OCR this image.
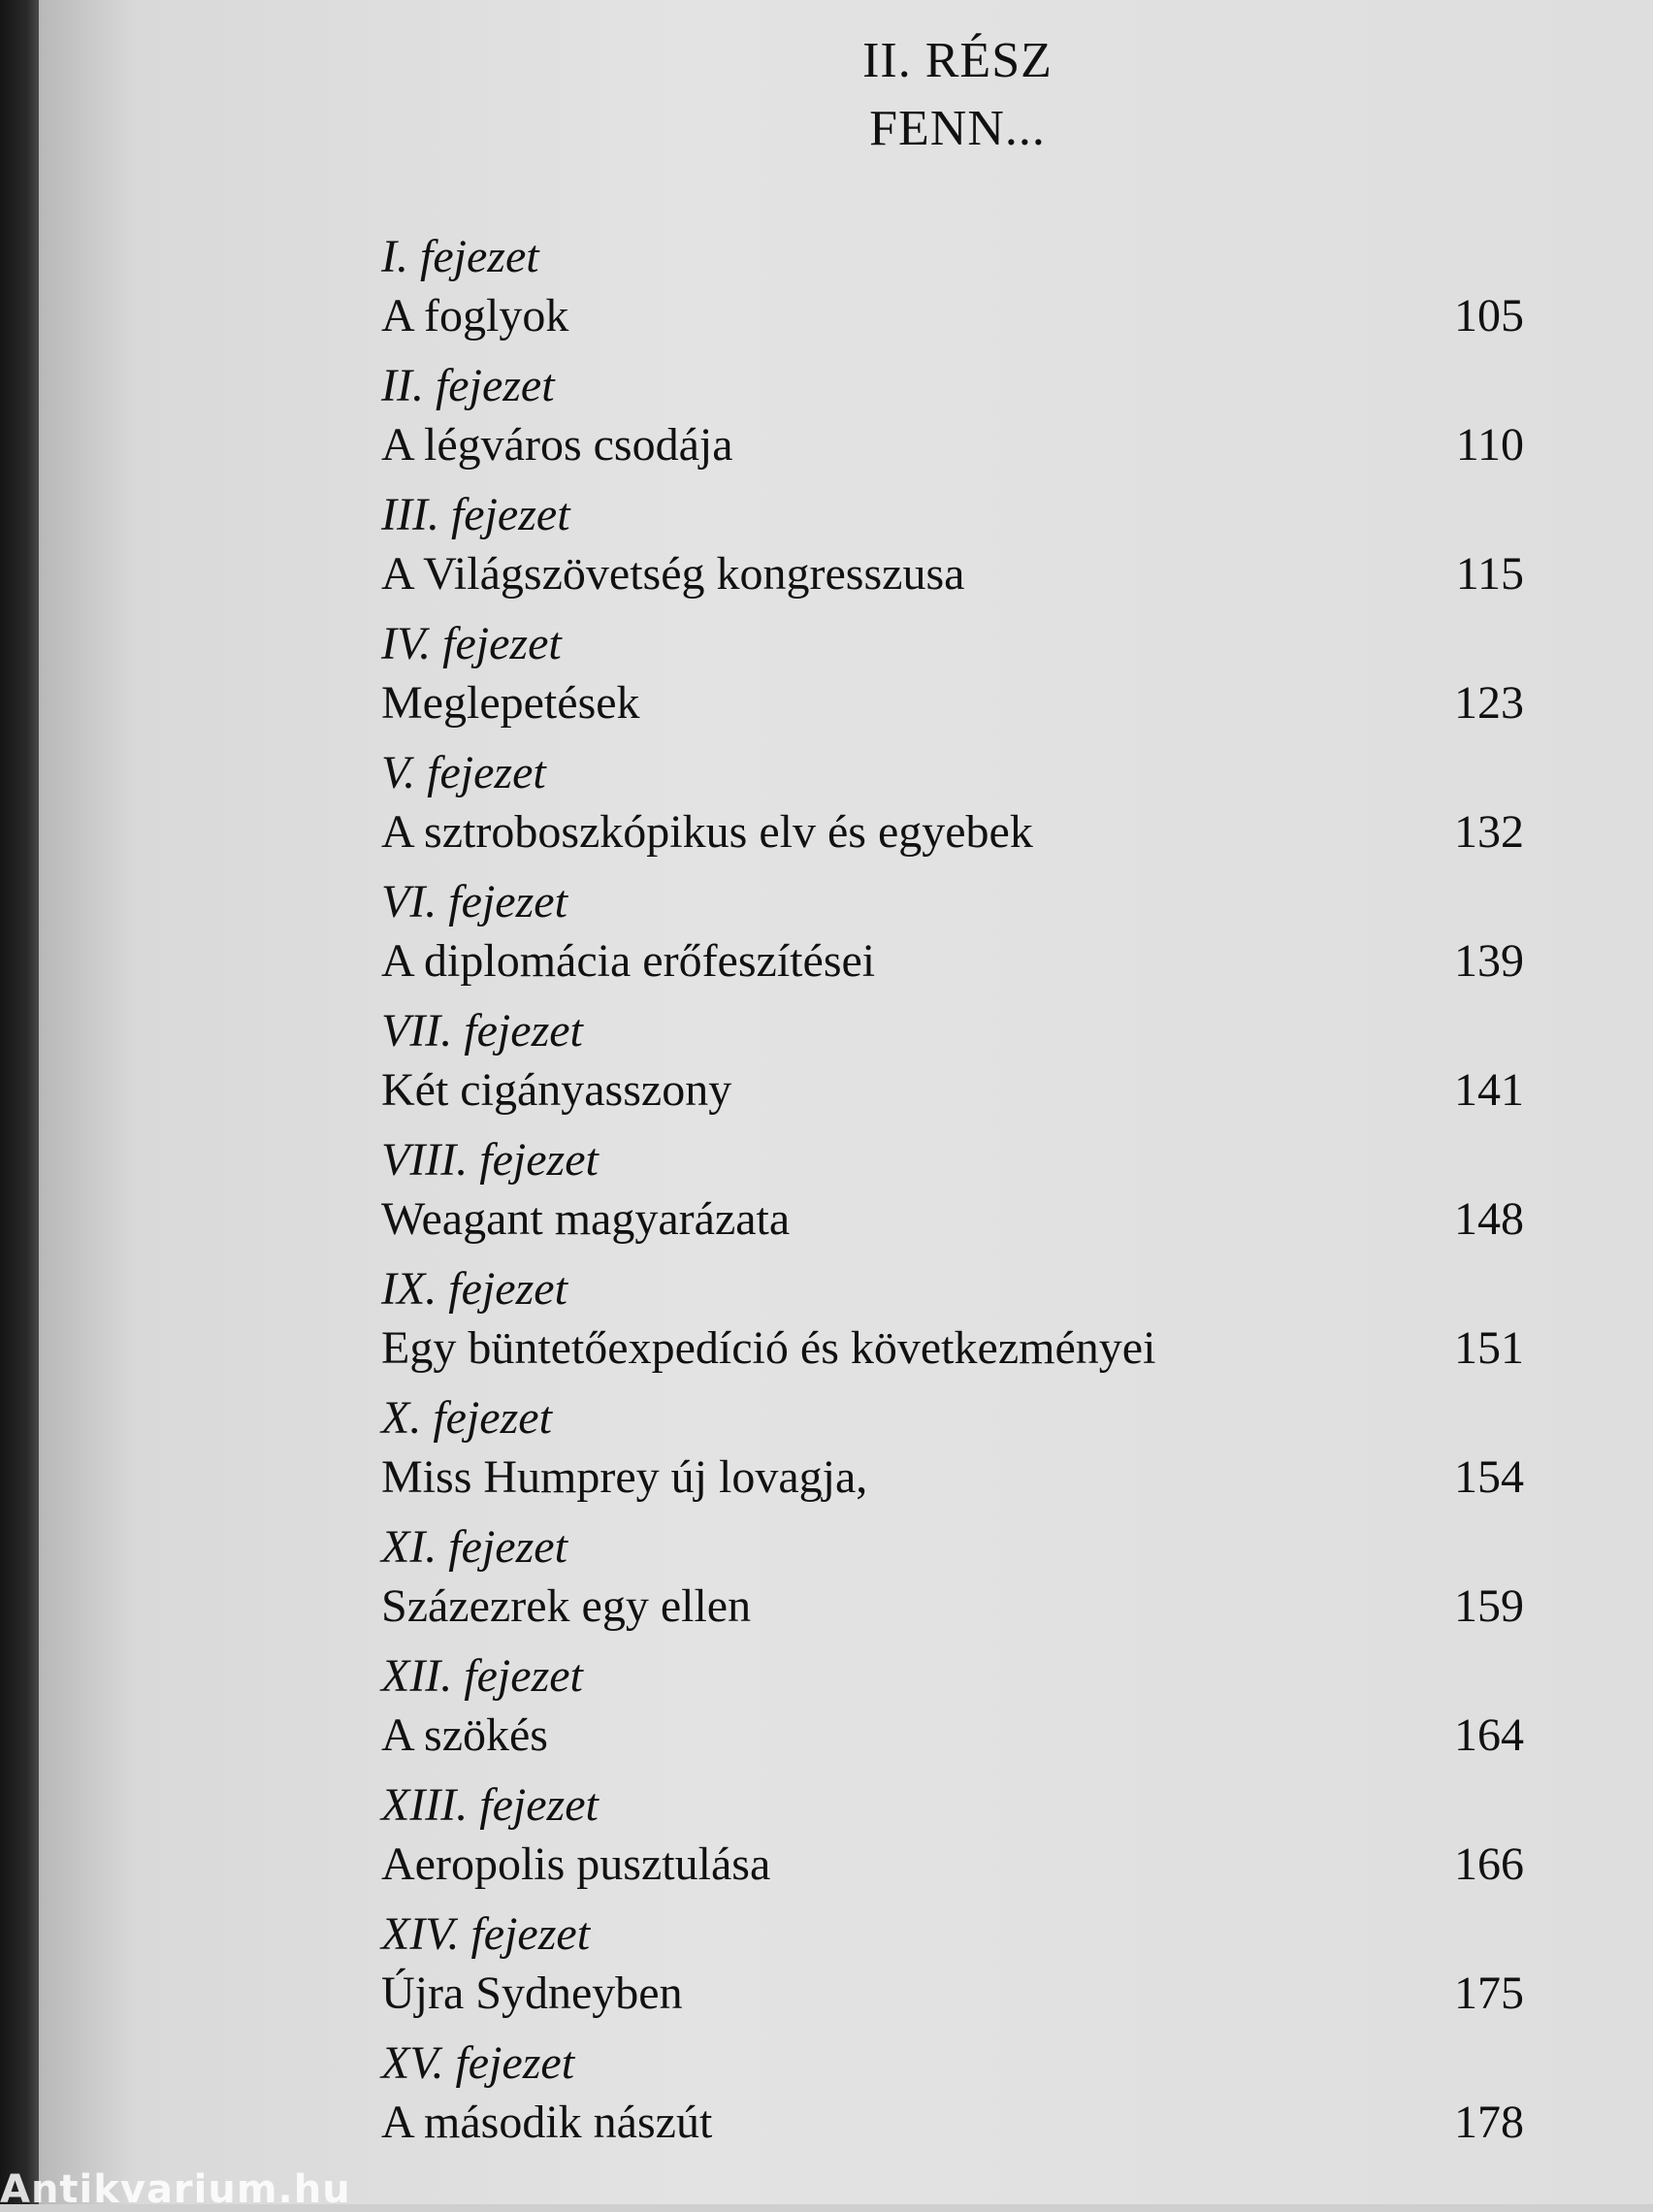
II. RÉSZ
FENN...
I. fejezet
A foglyok	105
II. fejezet
A légváros csodája	110
III. fejezet
A Világszövetség kongresszusa	115
IV. fejezet
Meglepetések	123
V. fejezet
A sztroboszkópikus elv és egyebek	132
VI. fejezet
A diplomácia erőfeszítései	139
VII. fejezet
Két cigányasszony	141
VIII. fejezet
Weagant magyarázata	148
IX. fejezet
Egy büntetőexpedíció és következményei	151
X. fejezet
Miss Humprey új lovagja,	154
XI. fejezet
Százezrek egy ellen	159
XII. fejezet
A szökés	164
XIII. fejezet
Aeropolis pusztulása	166
XIV. fejezet
Újra Sydneyben	175
XV. fejezet
A második nászút	178
Antikvarium.hu
